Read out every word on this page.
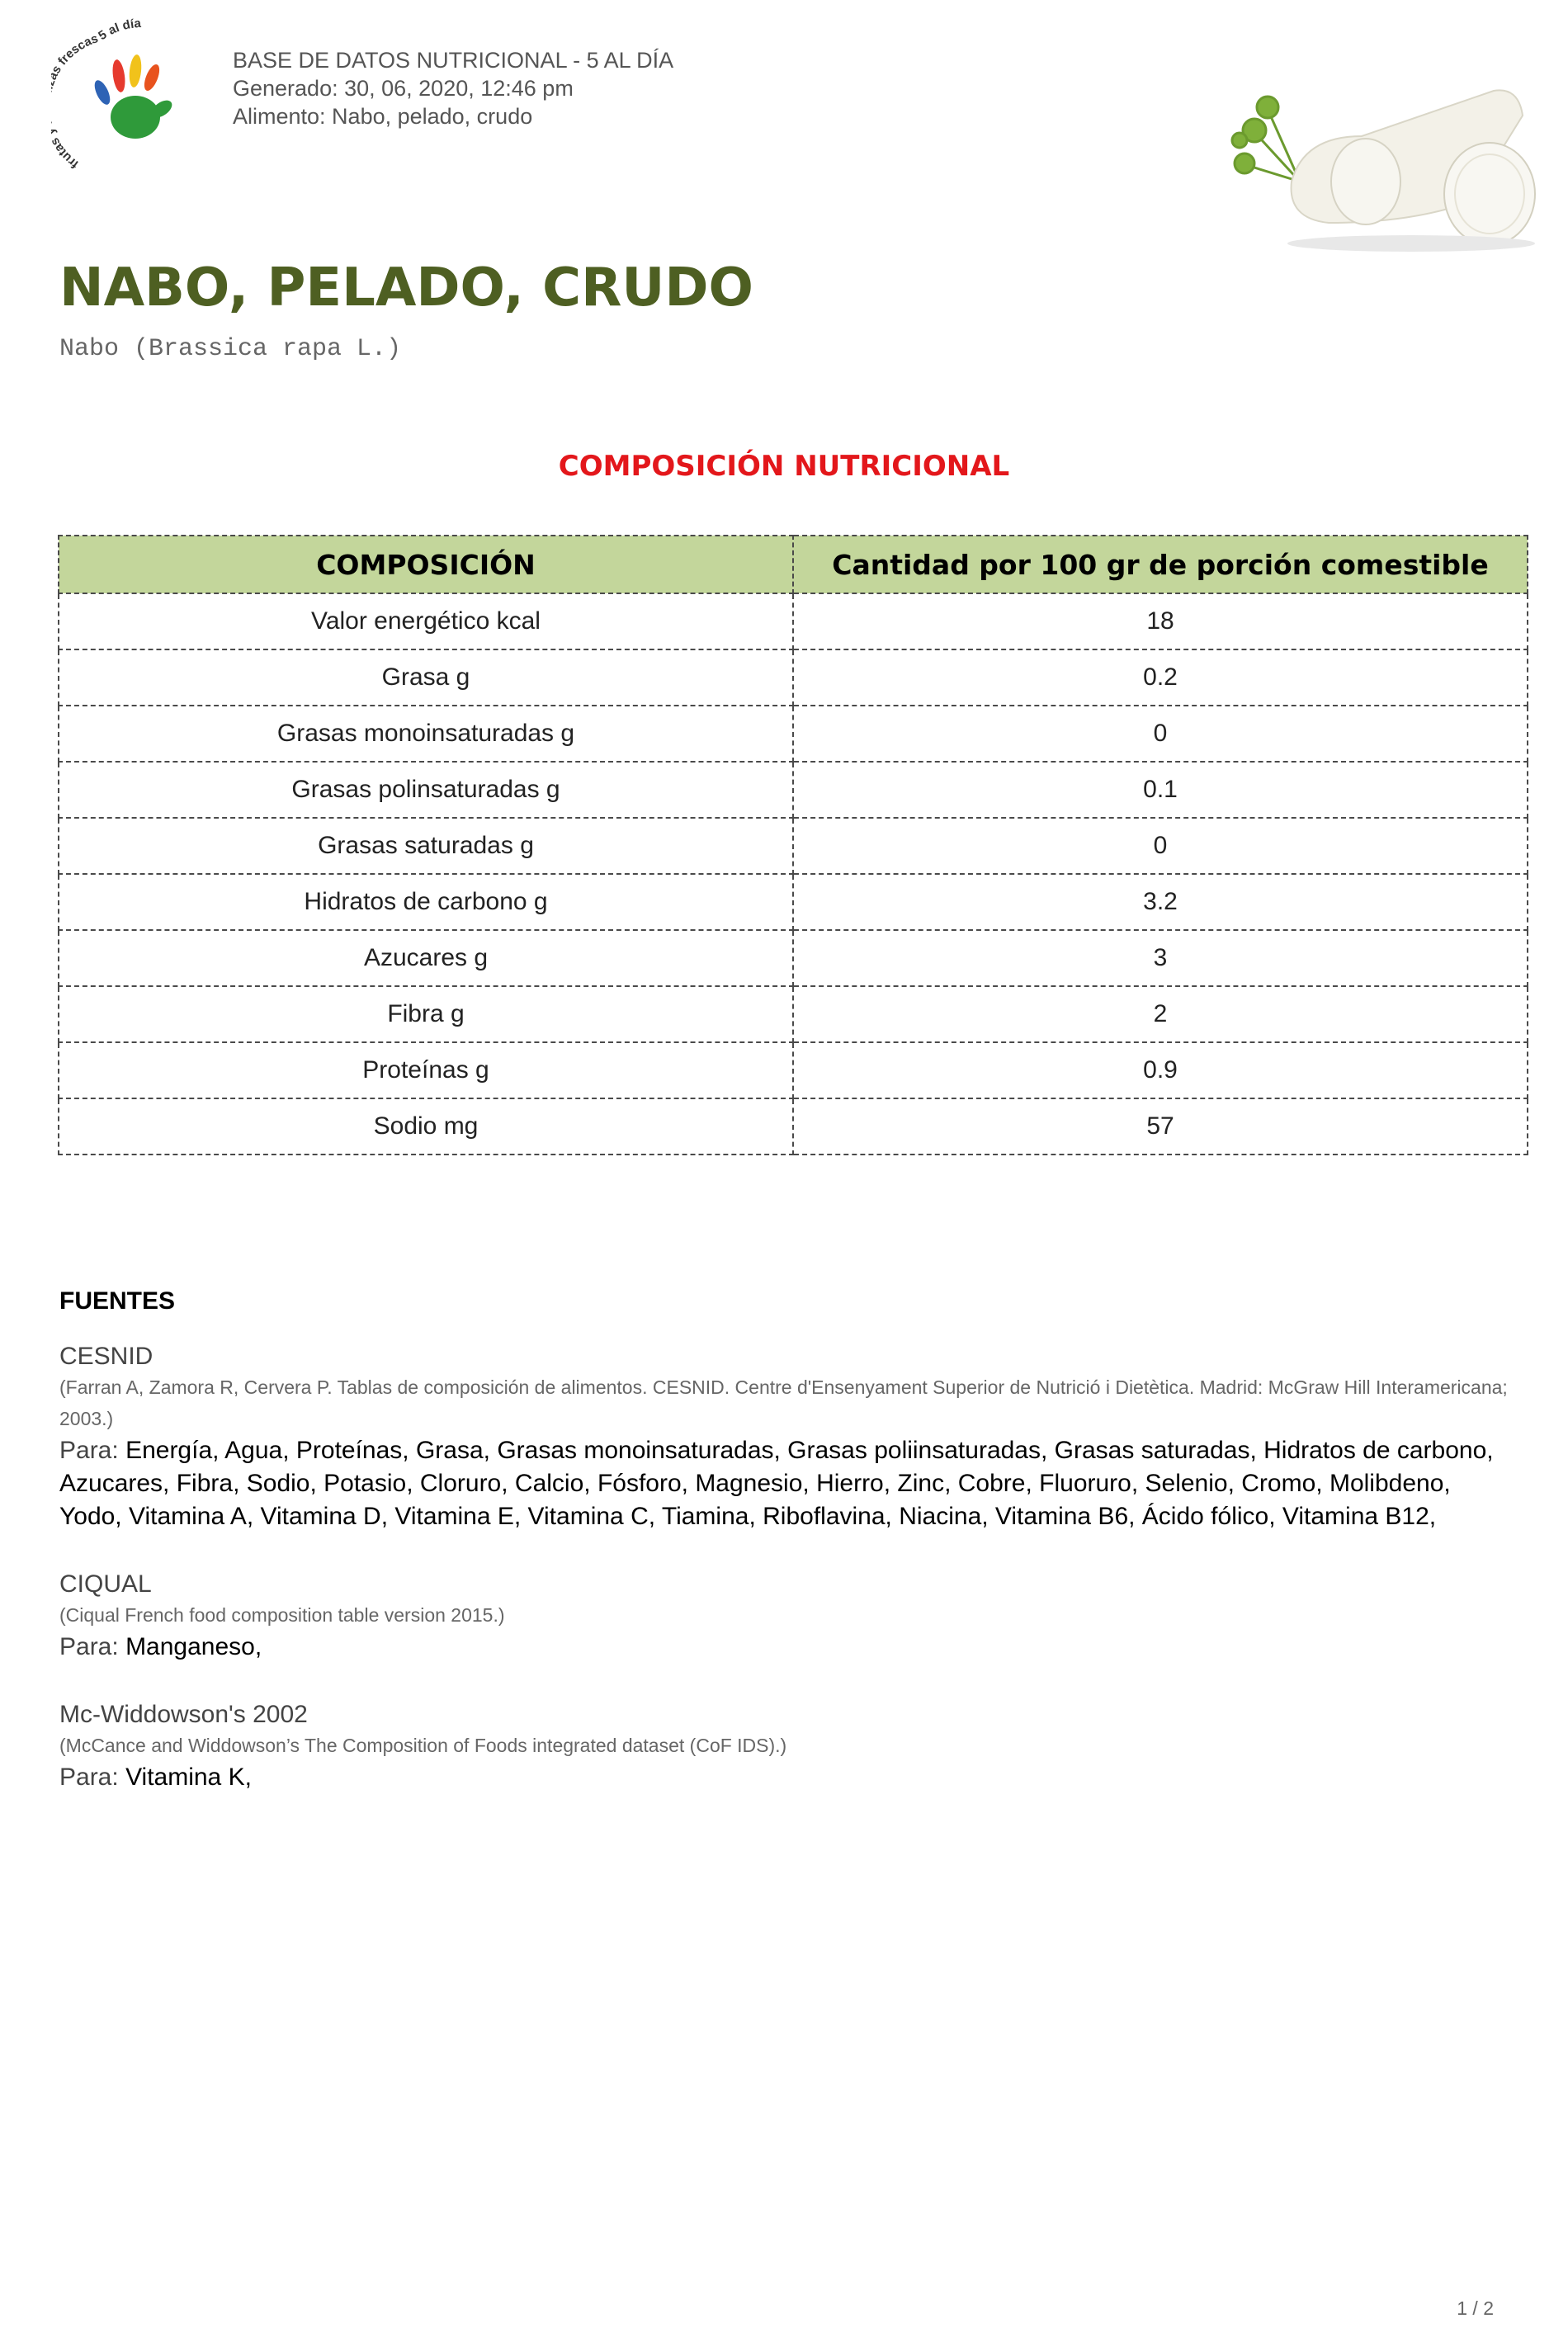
fruta frescas 5 al día
BASE DE DATOS NUTRICIONAL - 5 AL DÍA
Generado: 30, 06, 2020, 12:46 pm
Alimento: Nabo, pelado, crudo
NABO, PELADO, CRUDO
Nabo (Brassica rapa L.)
COMPOSICIÓN NUTRICIONAL
COMPOSICIÓN	Cantidad por 100 gr de porción comestible
Valor energético kcal	18
Grasa g	0.2
Grasas monoinsaturadas g	0
Grasas polinsaturadas g	0.1
Grasas saturadas g	0
Hidratos de carbono g	3.2
Azucares g	3
Fibra g	2
Proteínas g	0.9
Sodio mg	57
FUENTES
CESNID
(Farran A, Zamora R, Cervera P. Tablas de composición de alimentos. CESNID. Centre d'Ensenyament Superior de Nutrició i Dietètica. Madrid: McGraw Hill Interamericana; 2003.)
Para: Energía, Agua, Proteínas, Grasa, Grasas monoinsaturadas, Grasas poliinsaturadas, Grasas saturadas, Hidratos de carbono, Azucares, Fibra, Sodio, Potasio, Cloruro, Calcio, Fósforo, Magnesio, Hierro, Zinc, Cobre, Fluoruro, Selenio, Cromo, Molibdeno, Yodo, Vitamina A, Vitamina D, Vitamina E, Vitamina C, Tiamina, Riboflavina, Niacina, Vitamina B6, Ácido fólico, Vitamina B12,
CIQUAL
(Ciqual French food composition table version 2015.)
Para: Manganeso,
Mc-Widdowson's 2002
(McCance and Widdowson’s The Composition of Foods integrated dataset (CoF IDS).)
Para: Vitamina K,
1 / 2
